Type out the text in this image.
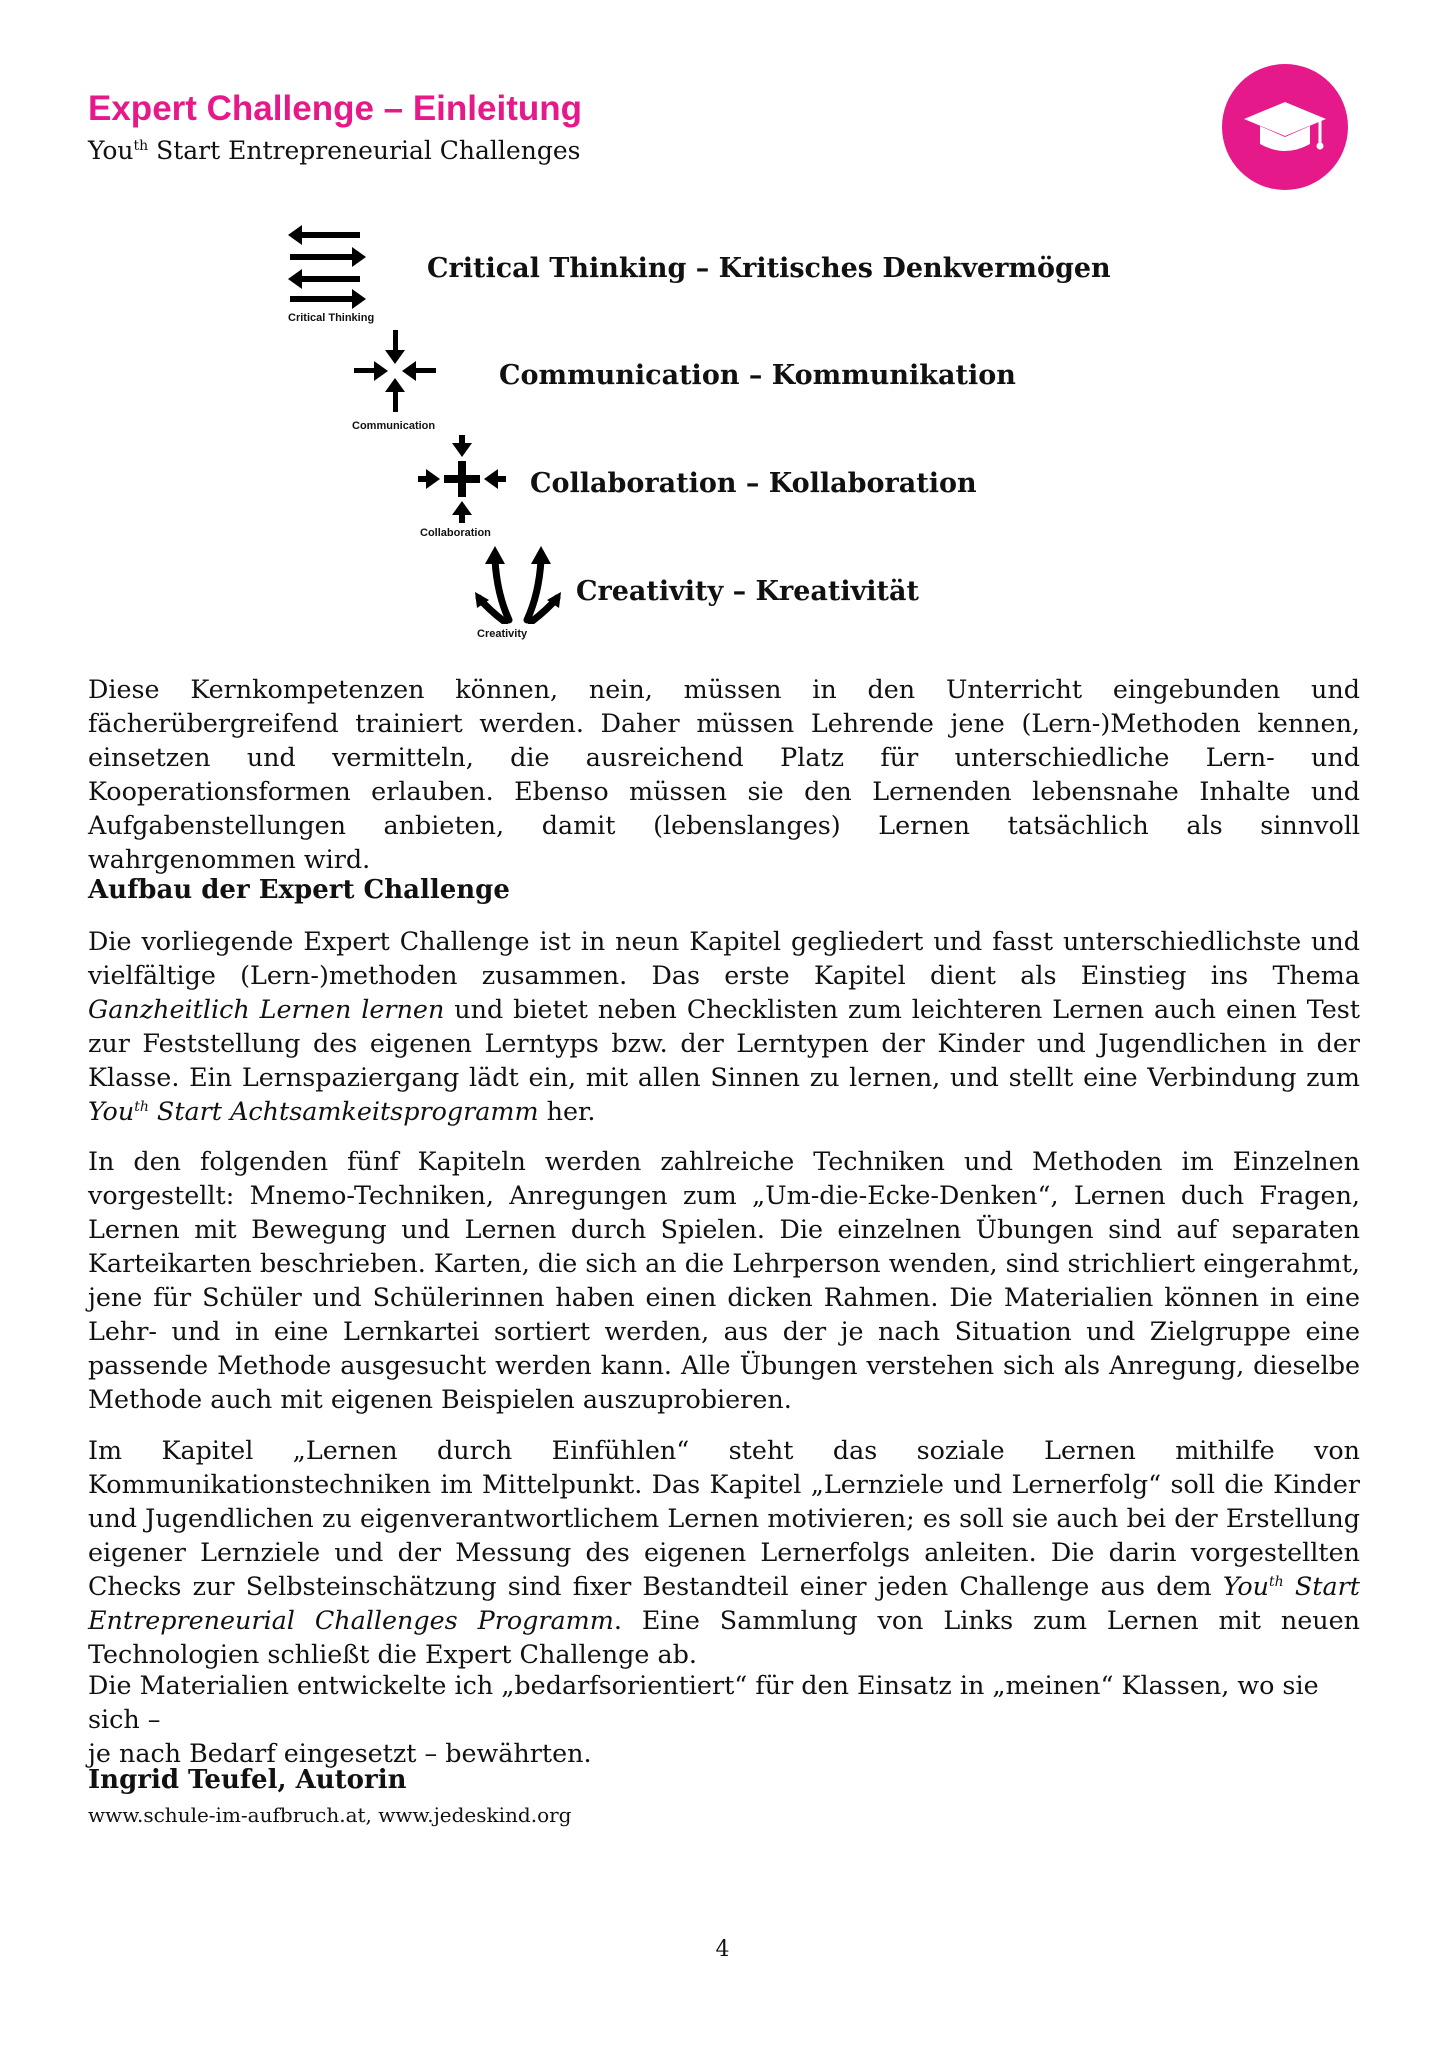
Expert Challenge – Einleitung
You$^{th}$ Start Entrepreneurial Challenges
Critical Thinking
Critical Thinking – Kritisches Denkvermögen
Communication
Communication – Kommunikation
Collaboration
Collaboration – Kollaboration
Creativity
Creativity – Kreativität

Diese Kernkompetenzen können, nein, müssen in den Unterricht eingebunden und fächerübergreifend trainiert werden. Daher müssen Lehrende jene (Lern-)Methoden kennen, einsetzen und vermitteln, die ausreichend Platz für unterschiedliche Lern- und Kooperationsformen erlauben. Ebenso müssen sie den Lernenden lebensnahe Inhalte und Aufgabenstellungen anbieten, damit (lebenslanges) Lernen tatsächlich als sinnvoll wahrgenommen wird.

Aufbau der Expert Challenge

Die vorliegende Expert Challenge ist in neun Kapitel gegliedert und fasst unterschiedlichste und vielfältige (Lern-)methoden zusammen. Das erste Kapitel dient als Einstieg ins Thema Ganzheitlich Lernen lernen und bietet neben Checklisten zum leichteren Lernen auch einen Test zur Feststellung des eigenen Lerntyps bzw. der Lerntypen der Kinder und Jugendlichen in der Klasse. Ein Lernspaziergang lädt ein, mit allen Sinnen zu lernen, und stellt eine Verbindung zum You$^{th}$ Start Achtsamkeitsprogramm her.

In den folgenden fünf Kapiteln werden zahlreiche Techniken und Methoden im Einzelnen vorgestellt: Mnemo-Techniken, Anregungen zum „Um-die-Ecke-Denken“, Lernen duch Fragen, Lernen mit Bewegung und Lernen durch Spielen. Die einzelnen Übungen sind auf separaten Karteikarten beschrieben. Karten, die sich an die Lehrperson wenden, sind strichliert eingerahmt, jene für Schüler und Schülerinnen haben einen dicken Rahmen. Die Materialien können in eine Lehr- und in eine Lernkartei sortiert werden, aus der je nach Situation und Zielgruppe eine passende Methode ausgesucht werden kann. Alle Übungen verstehen sich als Anregung, dieselbe Methode auch mit eigenen Beispielen auszuprobieren.

Im Kapitel „Lernen durch Einfühlen“ steht das soziale Lernen mithilfe von Kommunikationstechniken im Mittelpunkt. Das Kapitel „Lernziele und Lernerfolg“ soll die Kinder und Jugendlichen zu eigenverantwortlichem Lernen motivieren; es soll sie auch bei der Erstellung eigener Lernziele und der Messung des eigenen Lernerfolgs anleiten. Die darin vorgestellten Checks zur Selbsteinschätzung sind fixer Bestandteil einer jeden Challenge aus dem You$^{th}$ Start Entrepreneurial Challenges Programm. Eine Sammlung von Links zum Lernen mit neuen Technologien schließt die Expert Challenge ab.

Die Materialien entwickelte ich „bedarfsorientiert“ für den Einsatz in „meinen“ Klassen, wo sie sich –
je nach Bedarf eingesetzt – bewährten.

Ingrid Teufel, Autorin

www.schule-im-aufbruch.at, www.jedeskind.org
4
